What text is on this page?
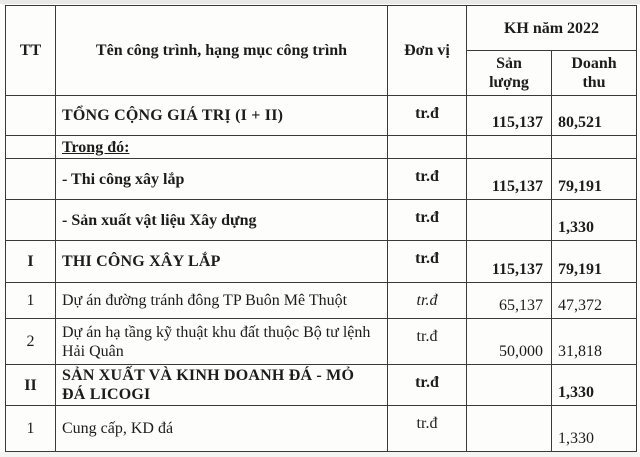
TT	Tên công trình, hạng mục công trình	Đơn vị	KH năm 2022	
			Sản lượng	Doanh thu
	TỔNG CỘNG GIÁ TRỊ (I + II)	tr.đ	115,137	80,521
	Trong đó:			
	- Thi công xây lắp	tr.đ	115,137	79,191
	- Sản xuất vật liệu Xây dựng	tr.đ		1,330
I	THI CÔNG XÂY LẮP	tr.đ	115,137	79,191
1	Dự án đường tránh đông TP Buôn Mê Thuột	tr.đ	65,137	47,372
2	Dự án hạ tầng kỹ thuật khu đất thuộc Bộ tư lệnh Hải Quân	tr.đ	50,000	31,818
II	SẢN XUẤT VÀ KINH DOANH ĐÁ - MỎ ĐÁ LICOGI	tr.đ		1,330
1	Cung cấp, KD đá	tr.đ		1,330
